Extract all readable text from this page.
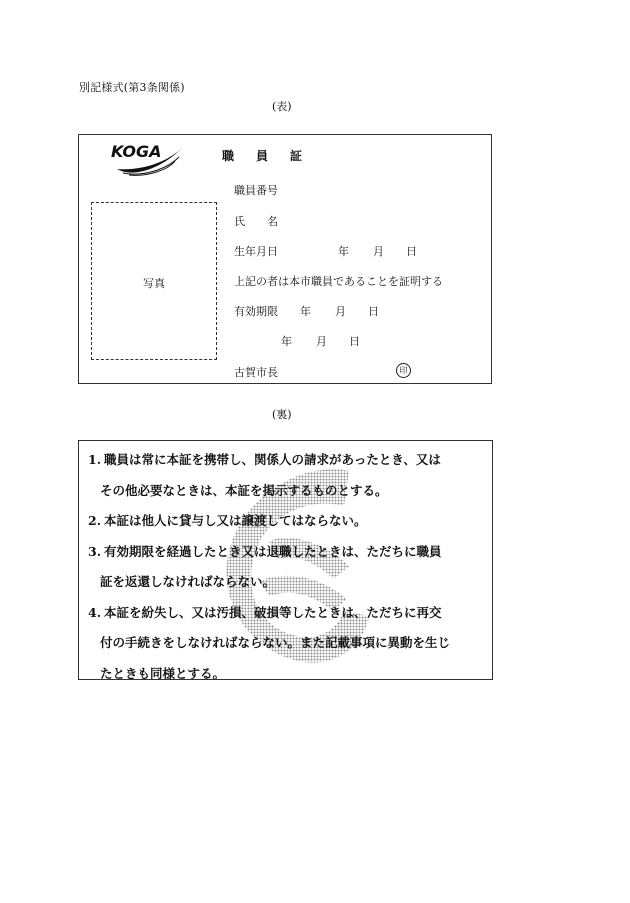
別記様式(第3条関係)
(表)
KOGA	職 員 証
写真
職員番号
氏 名
生年月日	年 月 日
上記の者は本市職員であることを証明する
有効期限 年 月 日
年 月 日
古賀市長	印
(裏)
1. 職員は常に本証を携帯し、関係人の請求があったとき、又は
その他必要なときは、本証を掲示するものとする。
2. 本証は他人に貸与し又は譲渡してはならない。
3. 有効期限を経過したとき又は退職したときは、ただちに職員
証を返還しなければならない。
4. 本証を紛失し、又は汚損、破損等したときは、ただちに再交
付の手続きをしなければならない。また記載事項に異動を生じ
たときも同様とする。
